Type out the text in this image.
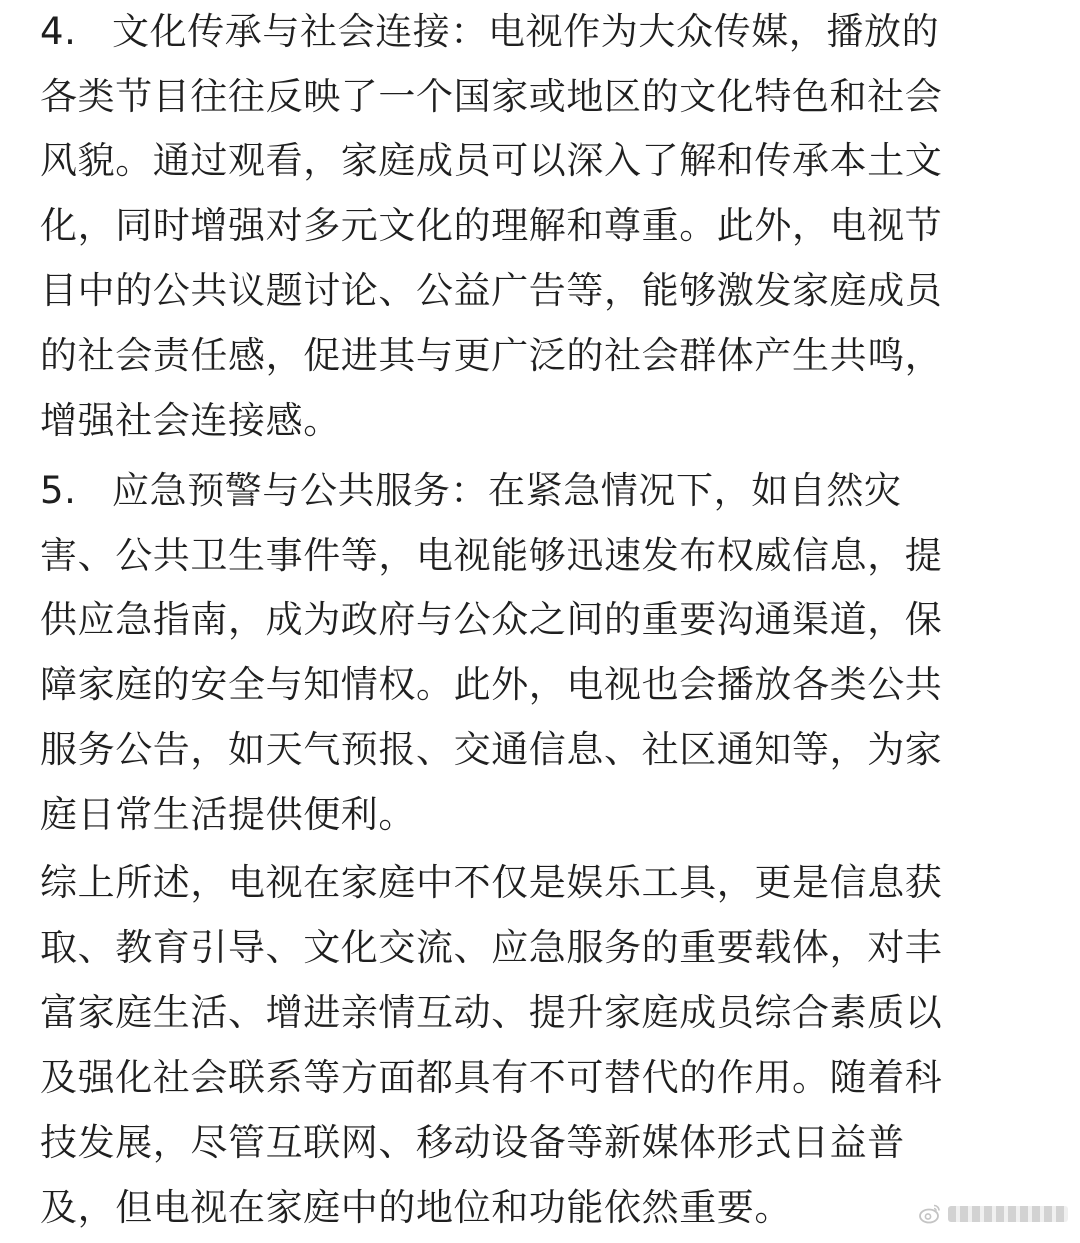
4. 文化传承与社会连接：电视作为大众传媒，播放的
各类节目往往反映了一个国家或地区的文化特色和社会
风貌。通过观看，家庭成员可以深入了解和传承本土文
化，同时增强对多元文化的理解和尊重。此外，电视节
目中的公共议题讨论、公益广告等，能够激发家庭成员
的社会责任感，促进其与更广泛的社会群体产生共鸣，
增强社会连接感。
5. 应急预警与公共服务：在紧急情况下，如自然灾
害、公共卫生事件等，电视能够迅速发布权威信息，提
供应急指南，成为政府与公众之间的重要沟通渠道，保
障家庭的安全与知情权。此外，电视也会播放各类公共
服务公告，如天气预报、交通信息、社区通知等，为家
庭日常生活提供便利。
综上所述，电视在家庭中不仅是娱乐工具，更是信息获
取、教育引导、文化交流、应急服务的重要载体，对丰
富家庭生活、增进亲情互动、提升家庭成员综合素质以
及强化社会联系等方面都具有不可替代的作用。随着科
技发展，尽管互联网、移动设备等新媒体形式日益普
及，但电视在家庭中的地位和功能依然重要。
